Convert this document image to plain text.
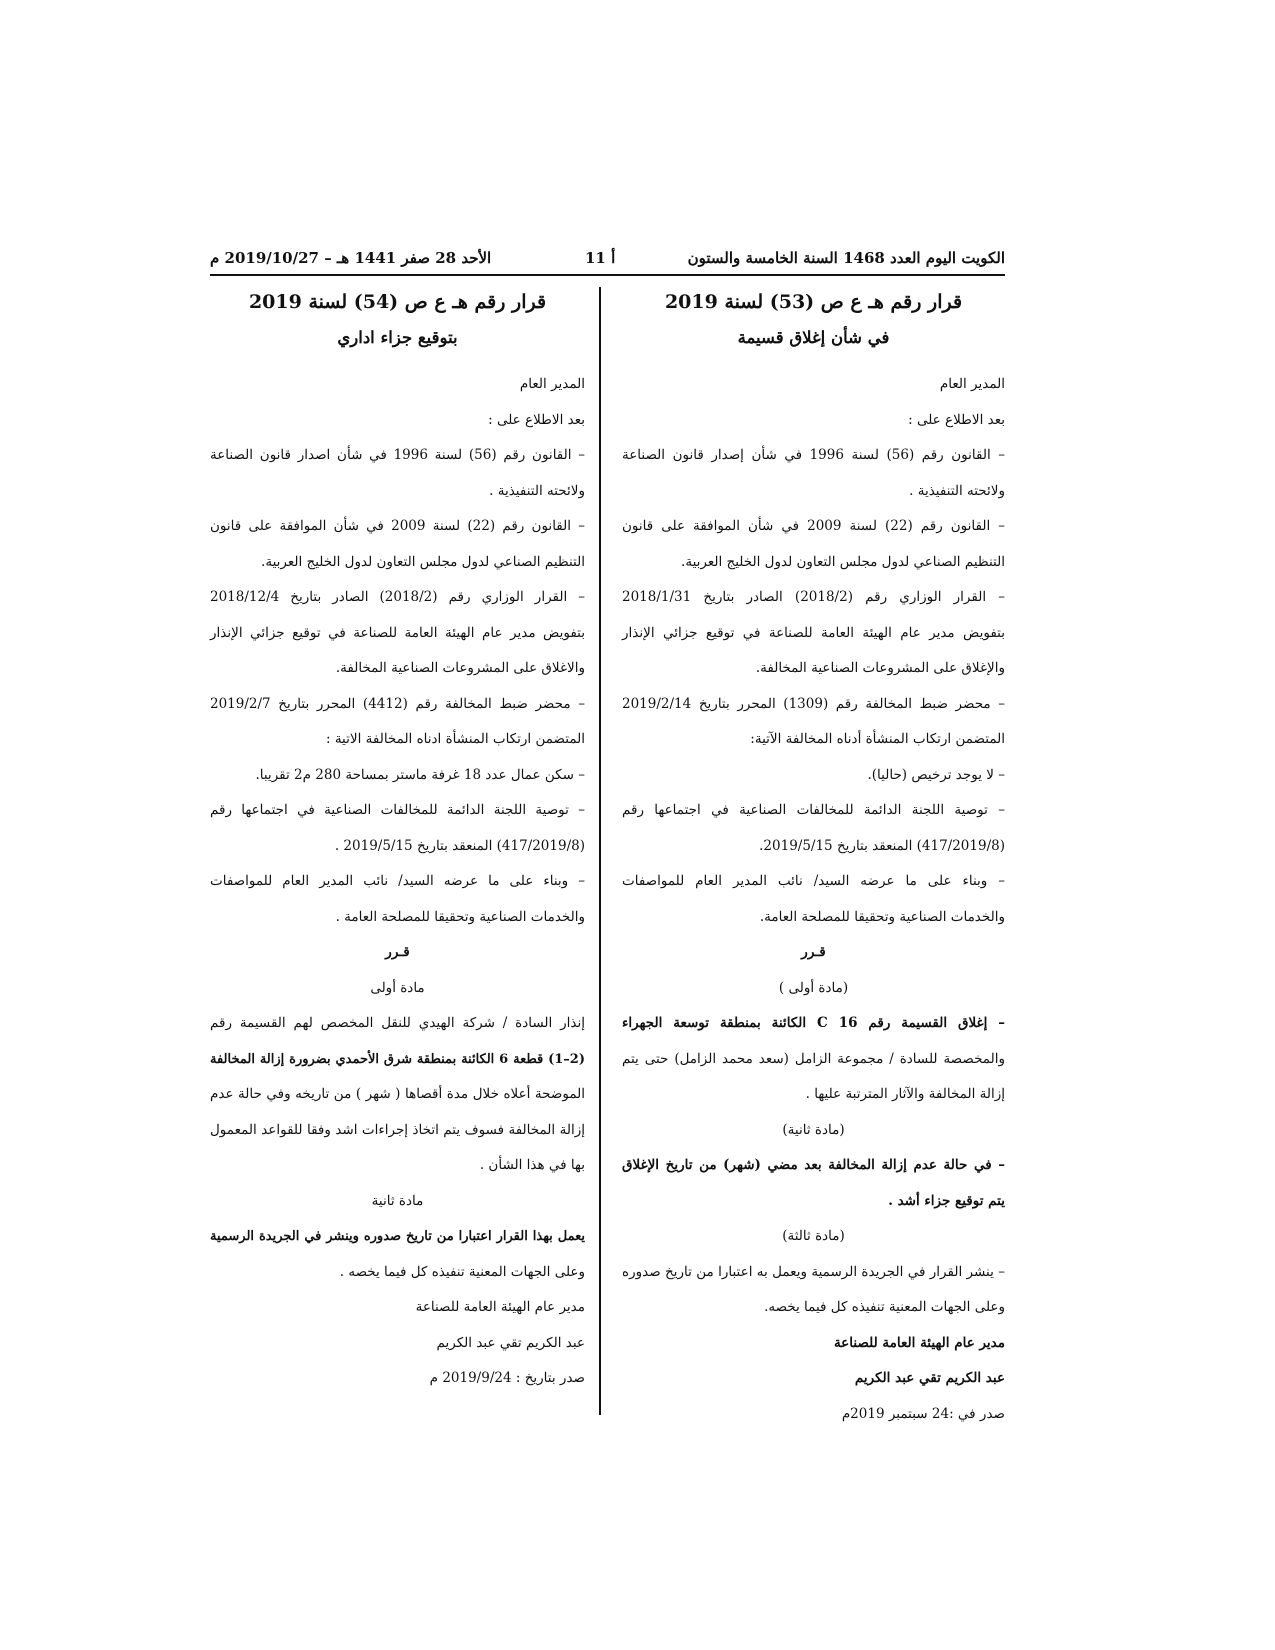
الكويت اليوم العدد 1468 السنة الخامسة والستون
أ 11
الأحد 28 صفر 1441 هـ – 2019/10/27 م

قرار رقم هـ ع ص (53) لسنة 2019

في شأن إغلاق قسيمة

المدير العام

بعد الاطلاع على :

– القانون رقم (56) لسنة 1996 في شأن إصدار قانون الصناعة

ولائحته التنفيذية .

– القانون رقم (22) لسنة 2009 في شأن الموافقة على قانون

التنظيم الصناعي لدول مجلس التعاون لدول الخليج العربية.

– القرار الوزاري رقم (2018/2) الصادر بتاريخ 2018/1/31

بتفويض مدير عام الهيئة العامة للصناعة في توقيع جزائي الإنذار

والإغلاق على المشروعات الصناعية المخالفة.

– محضر ضبط المخالفة رقم (1309) المحرر بتاريخ 2019/2/14

المتضمن ارتكاب المنشأة أدناه المخالفة الآتية:

– لا يوجد ترخيص (حاليا).

– توصية اللجنة الدائمة للمخالفات الصناعية في اجتماعها رقم

(417/2019/8) المنعقد بتاريخ 2019/5/15.

– وبناء على ما عرضه السيد/ نائب المدير العام للمواصفات

والخدمات الصناعية وتحقيقا للمصلحة العامة.

قـرر

(مادة أولى )

– إغلاق القسيمة رقم 16 C الكائنة بمنطقة توسعة الجهراء

والمخصصة للسادة / مجموعة الزامل (سعد محمد الزامل) حتى يتم

إزالة المخالفة والآثار المترتبة عليها .

(مادة ثانية)

– في حالة عدم إزالة المخالفة بعد مضي (شهر) من تاريخ الإغلاق

يتم توقيع جزاء أشد .

(مادة ثالثة)

– ينشر القرار في الجريدة الرسمية ويعمل به اعتبارا من تاريخ صدوره

وعلى الجهات المعنية تنفيذه كل فيما يخصه.

مدير عام الهيئة العامة للصناعة

عبد الكريم تقي عبد الكريم

صدر في :24 سبتمبر 2019م

قرار رقم هـ ع ص (54) لسنة 2019

بتوقيع جزاء اداري

المدير العام

بعد الاطلاع على :

– القانون رقم (56) لسنة 1996 في شأن اصدار قانون الصناعة

ولائحته التنفيذية .

– القانون رقم (22) لسنة 2009 في شأن الموافقة على قانون

التنظيم الصناعي لدول مجلس التعاون لدول الخليج العربية.

– القرار الوزاري رقم (2018/2) الصادر بتاريخ 2018/12/4

بتفويض مدير عام الهيئة العامة للصناعة في توقيع جزائي الإنذار

والاغلاق على المشروعات الصناعية المخالفة.

– محضر ضبط المخالفة رقم (4412) المحرر بتاريخ 2019/2/7

المتضمن ارتكاب المنشأة ادناه المخالفة الاتية :

– سكن عمال عدد 18 غرفة ماستر بمساحة 280 م2 تقريبا.

– توصية اللجنة الدائمة للمخالفات الصناعية في اجتماعها رقم

(417/2019/8) المنعقد بتاريخ 2019/5/15 .

– وبناء على ما عرضه السيد/ نائب المدير العام للمواصفات

والخدمات الصناعية وتحقيقا للمصلحة العامة .

قـرر

مادة أولى

إنذار السادة / شركة الهيدي للنقل المخصص لهم القسيمة رقم

(2–1) قطعة 6 الكائنة بمنطقة شرق الأحمدي بضرورة إزالة المخالفة

الموضحة أعلاه خلال مدة أقصاها ( شهر ) من تاريخه وفي حالة عدم

إزالة المخالفة فسوف يتم اتخاذ إجراءات اشد وفقا للقواعد المعمول

بها في هذا الشأن .

مادة ثانية

يعمل بهذا القرار اعتبارا من تاريخ صدوره وينشر في الجريدة الرسمية

وعلى الجهات المعنية تنفيذه كل فيما يخصه .

مدير عام الهيئة العامة للصناعة

عبد الكريم تقي عبد الكريم

صدر بتاريخ : 2019/9/24 م
